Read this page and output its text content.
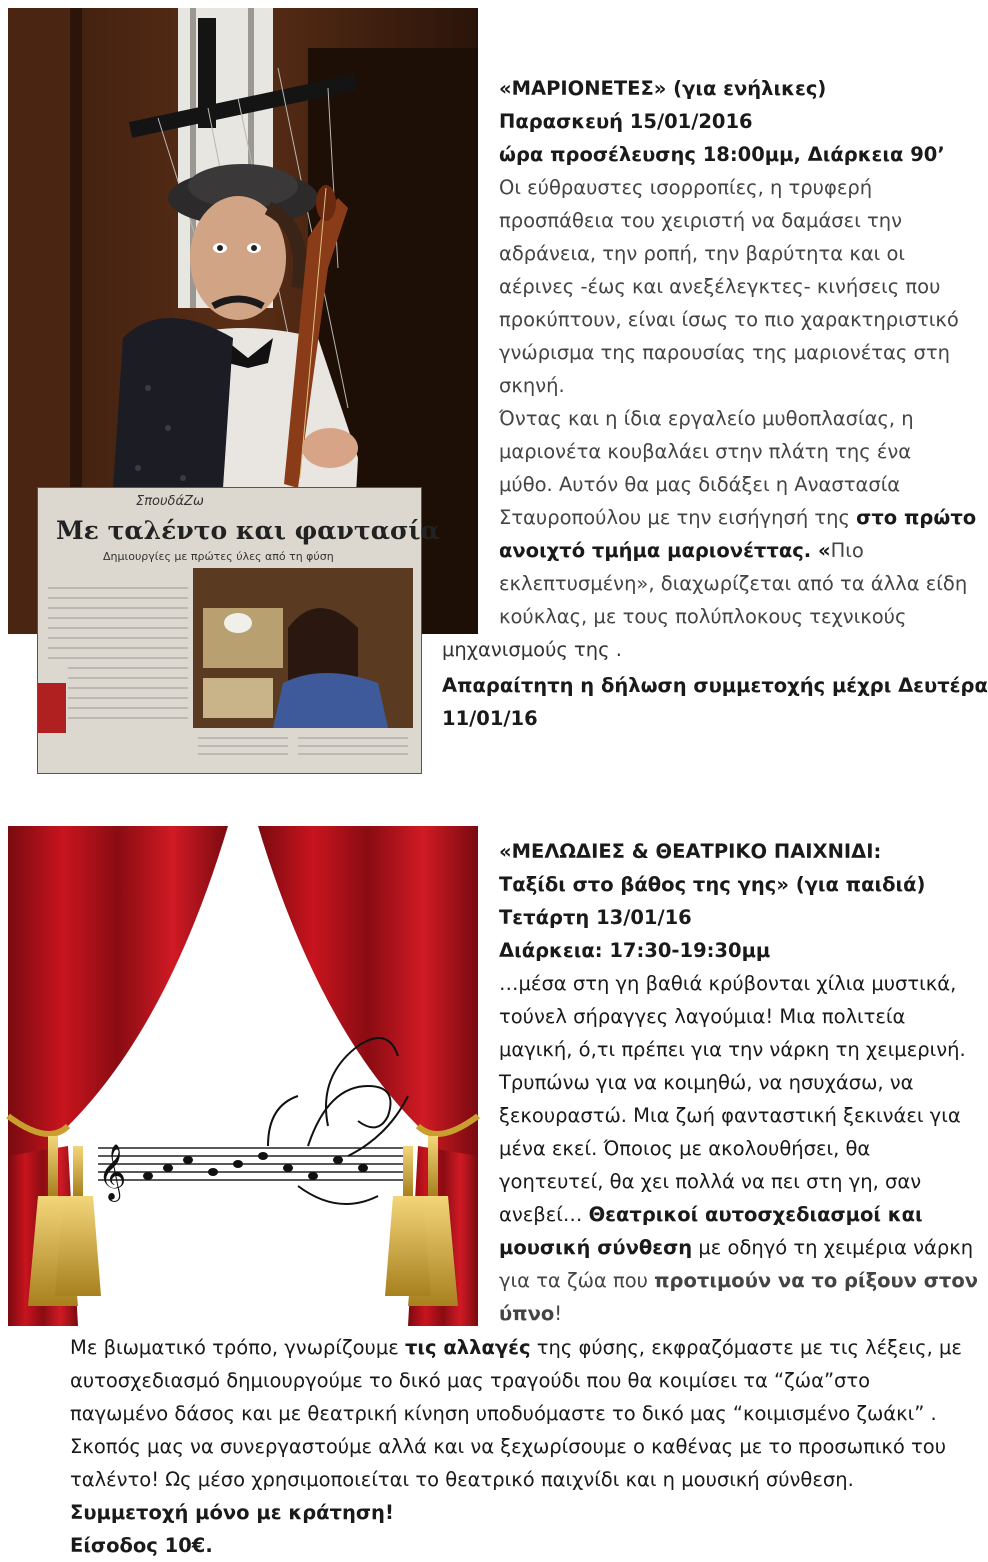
ΣπουδάΖω
Με ταλέντο και φαντασία
Δημιουργίες με πρώτες ύλες από τη φύση
«ΜΑΡΙΟΝΕΤΕΣ» (για ενήλικες)
Παρασκευή 15/01/2016
ώρα προσέλευσης 18:00μμ, Διάρκεια 90’
Οι εύθραυστες ισορροπίες, η τρυφερή
προσπάθεια του χειριστή να δαμάσει την
αδράνεια, την ροπή, την βαρύτητα και οι
αέρινες -έως και ανεξέλεγκτες- κινήσεις που
προκύπτουν, είναι ίσως το πιο χαρακτηριστικό
γνώρισμα της παρουσίας της μαριονέτας στη
σκηνή.
Όντας και η ίδια εργαλείο μυθοπλασίας, η
μαριονέτα κουβαλάει στην πλάτη της ένα
μύθο. Αυτόν θα μας διδάξει η Αναστασία
Σταυροπούλου με την εισήγησή της στο πρώτο
ανοιχτό τμήμα μαριονέττας. «Πιο
εκλεπτυσμένη», διαχωρίζεται από τα άλλα είδη
κούκλας, με τους πολύπλοκους τεχνικούς
μηχανισμούς της .

Απαραίτητη η δήλωση συμμετοχής μέχρι Δευτέρα

11/01/16

𝄞
«ΜΕΛΩΔΙΕΣ & ΘΕΑΤΡΙΚΟ ΠΑΙΧΝΙΔΙ:
Ταξίδι στο βάθος της γης» (για παιδιά)
Τετάρτη 13/01/16
Διάρκεια: 17:30-19:30μμ
…μέσα στη γη βαθιά κρύβονται χίλια μυστικά,
τούνελ σήραγγες λαγούμια! Μια πολιτεία
μαγική, ό,τι πρέπει για την νάρκη τη χειμερινή.
Τρυπώνω για να κοιμηθώ, να ησυχάσω, να
ξεκουραστώ. Μια ζωή φανταστική ξεκινάει για
μένα εκεί. Όποιος με ακολουθήσει, θα
γοητευτεί, θα χει πολλά να πει στη γη, σαν
ανεβεί… Θεατρικοί αυτοσχεδιασμοί και
μουσική σύνθεση με οδηγό τη χειμέρια νάρκη
για τα ζώα που προτιμούν να το ρίξουν στον
ύπνο!
Με βιωματικό τρόπο, γνωρίζουμε τις αλλαγές της φύσης, εκφραζόμαστε με τις λέξεις, με
αυτοσχεδιασμό δημιουργούμε το δικό μας τραγούδι που θα κοιμίσει τα “ζώα”στο
παγωμένο δάσος και με θεατρική κίνηση υποδυόμαστε το δικό μας “κοιμισμένο ζωάκι” .
Σκοπός μας να συνεργαστούμε αλλά και να ξεχωρίσουμε ο καθένας με το προσωπικό του
ταλέντο! Ως μέσο χρησιμοποιείται το θεατρικό παιχνίδι και η μουσική σύνθεση.

Συμμετοχή μόνο με κράτηση!

Είσοδος 10€.
